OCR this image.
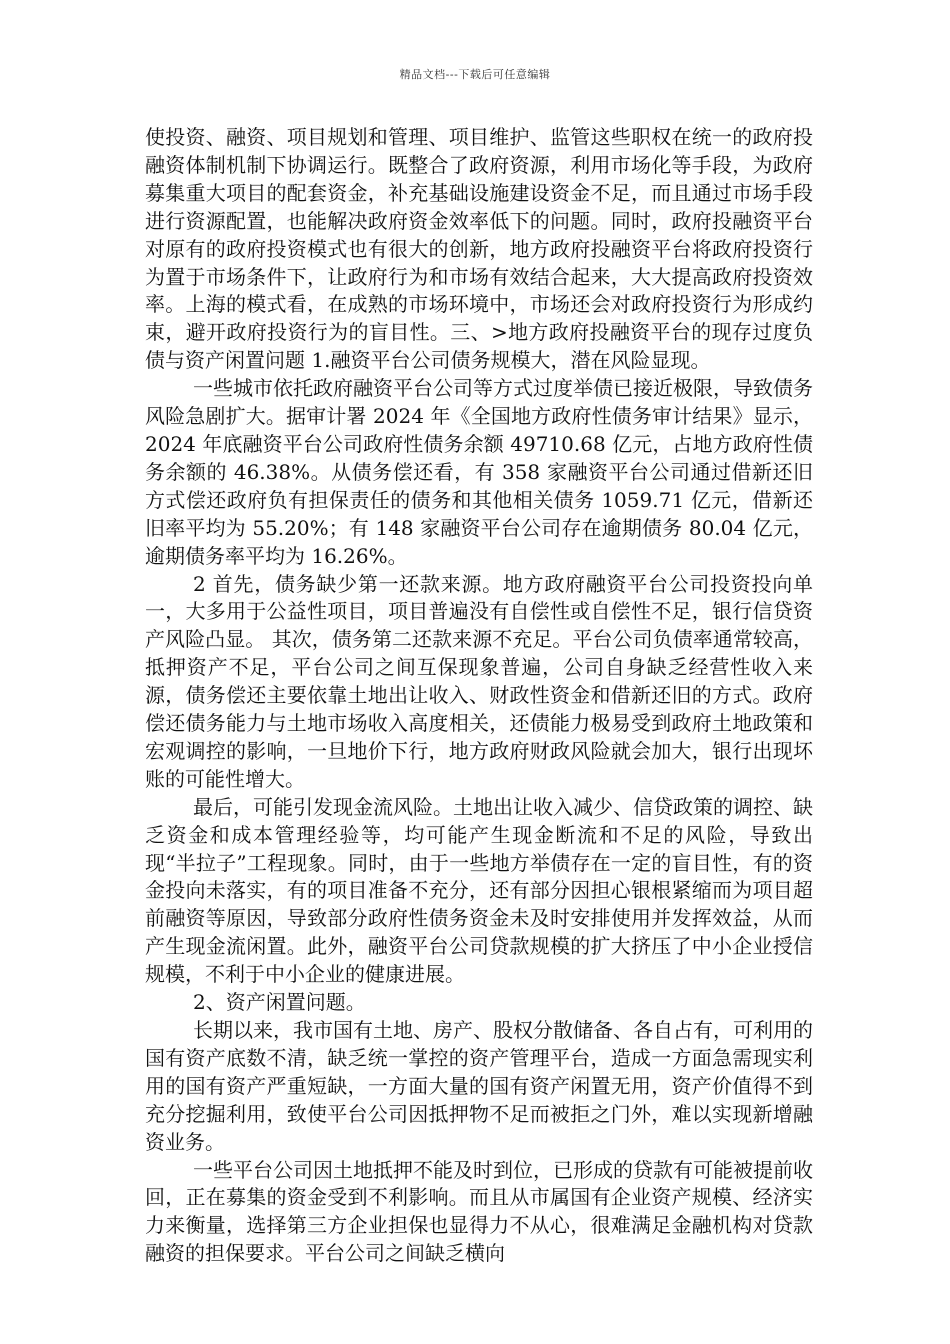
精品文档---下载后可任意编辑

使投资、融资、项目规划和管理、项目维护、监管这些职权在统一的政府投融资体制机制下协调运行。既整合了政府资源，利用市场化等手段，为政府募集重大项目的配套资金，补充基础设施建设资金不足，而且通过市场手段进行资源配置，也能解决政府资金效率低下的问题。同时，政府投融资平台对原有的政府投资模式也有很大的创新，地方政府投融资平台将政府投资行为置于市场条件下，让政府行为和市场有效结合起来，大大提高政府投资效率。上海的模式看，在成熟的市场环境中，市场还会对政府投资行为形成约束，避开政府投资行为的盲目性。三、>地方政府投融资平台的现存过度负债与资产闲置问题 1.融资平台公司债务规模大，潜在风险显现。

一些城市依托政府融资平台公司等方式过度举债已接近极限，导致债务风险急剧扩大。据审计署 2024 年《全国地方政府性债务审计结果》显示，2024 年底融资平台公司政府性债务余额 49710.68 亿元，占地方政府性债务余额的 46.38%。从债务偿还看，有 358 家融资平台公司通过借新还旧方式偿还政府负有担保责任的债务和其他相关债务 1059.71 亿元，借新还旧率平均为 55.20%；有 148 家融资平台公司存在逾期债务 80.04 亿元，逾期债务率平均为 16.26%。

2 首先，债务缺少第一还款来源。地方政府融资平台公司投资投向单一，大多用于公益性项目，项目普遍没有自偿性或自偿性不足，银行信贷资产风险凸显。 其次，债务第二还款来源不充足。平台公司负债率通常较高，抵押资产不足，平台公司之间互保现象普遍，公司自身缺乏经营性收入来源，债务偿还主要依靠土地出让收入、财政性资金和借新还旧的方式。政府偿还债务能力与土地市场收入高度相关，还债能力极易受到政府土地政策和宏观调控的影响，一旦地价下行，地方政府财政风险就会加大，银行出现坏账的可能性增大。

最后，可能引发现金流风险。土地出让收入减少、信贷政策的调控、缺乏资金和成本管理经验等，均可能产生现金断流和不足的风险，导致出现“半拉子”工程现象。同时，由于一些地方举债存在一定的盲目性，有的资金投向未落实，有的项目准备不充分，还有部分因担心银根紧缩而为项目超前融资等原因，导致部分政府性债务资金未及时安排使用并发挥效益，从而产生现金流闲置。此外，融资平台公司贷款规模的扩大挤压了中小企业授信规模，不利于中小企业的健康进展。

2、资产闲置问题。

长期以来，我市国有土地、房产、股权分散储备、各自占有，可利用的国有资产底数不清，缺乏统一掌控的资产管理平台，造成一方面急需现实利用的国有资产严重短缺，一方面大量的国有资产闲置无用，资产价值得不到充分挖掘利用，致使平台公司因抵押物不足而被拒之门外，难以实现新增融资业务。

一些平台公司因土地抵押不能及时到位，已形成的贷款有可能被提前收回，正在募集的资金受到不利影响。而且从市属国有企业资产规模、经济实力来衡量，选择第三方企业担保也显得力不从心，很难满足金融机构对贷款融资的担保要求。平台公司之间缺乏横向
